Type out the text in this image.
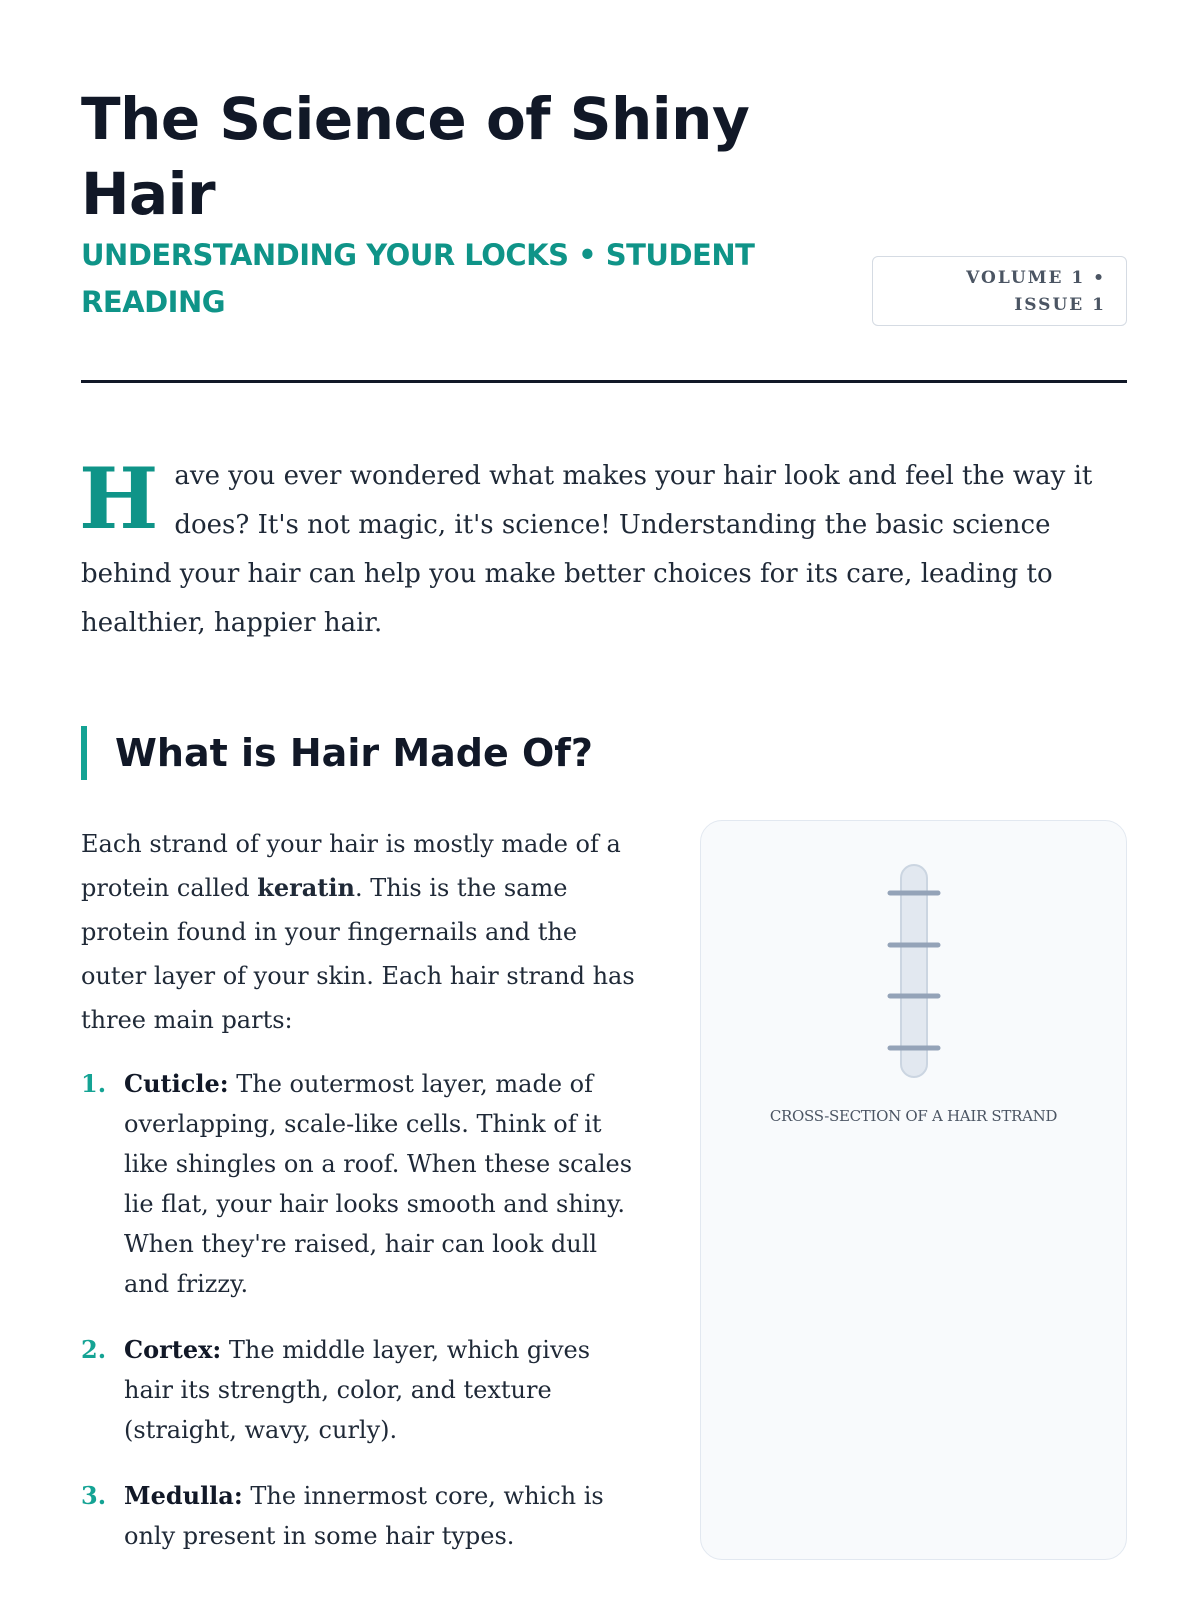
The Science of Shiny Hair
UNDERSTANDING YOUR LOCKS • STUDENT READING
VOLUME 1 • ISSUE 1

Have you ever wondered what makes your hair look and feel the way it does? It's not magic, it's science! Understanding the basic science behind your hair can help you make better choices for its care, leading to healthier, happier hair.

What is Hair Made Of?

Each strand of your hair is mostly made of a protein called keratin. This is the same protein found in your fingernails and the outer layer of your skin. Each hair strand has three main parts:

1. Cuticle: The outermost layer, made of overlapping, scale-like cells. Think of it like shingles on a roof. When these scales lie flat, your hair looks smooth and shiny. When they're raised, hair can look dull and frizzy.
2. Cortex: The middle layer, which gives hair its strength, color, and texture (straight, wavy, curly).
3. Medulla: The innermost core, which is only present in some hair types.
CROSS-SECTION OF A HAIR STRAND
